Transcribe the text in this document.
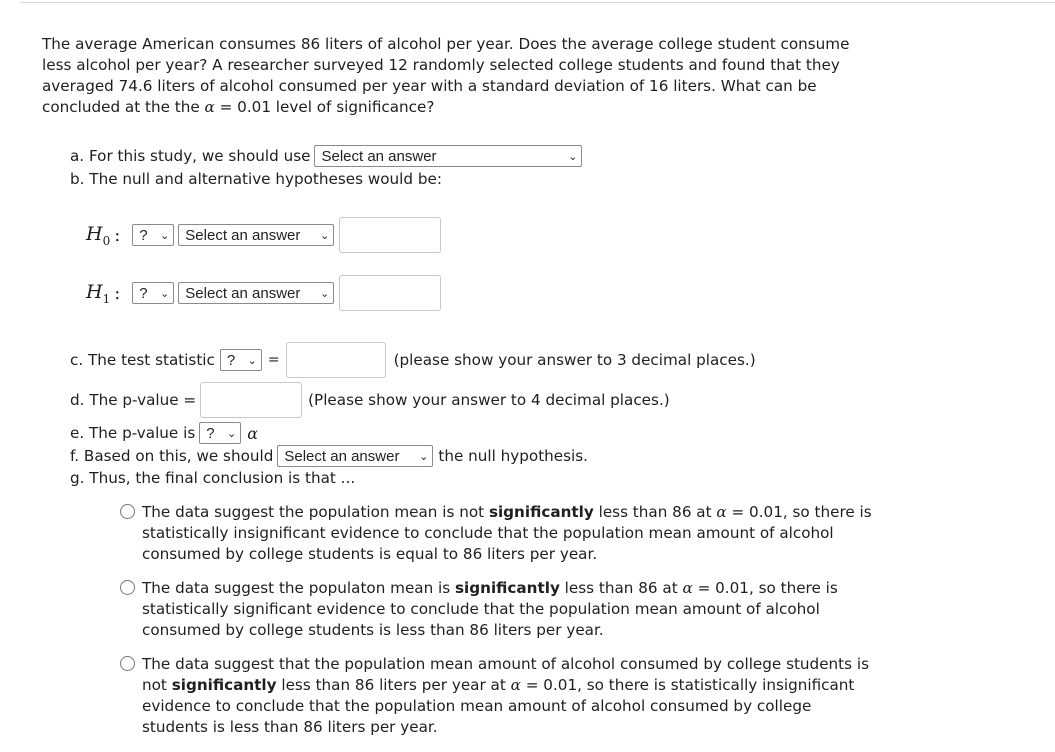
The average American consumes 86 liters of alcohol per year. Does the average college student consume
less alcohol per year? A researcher surveyed 12 randomly selected college students and found that they
averaged 74.6 liters of alcohol consumed per year with a standard deviation of 16 liters. What can be
concluded at the the α = 0.01 level of significance?
a. For this study, we should use Select an answer	⌄
b. The null and alternative hypotheses would be:
$H_0$ : ? ⌄ Select an answer ⌄
$H_1$ : ? ⌄ Select an answer ⌄
c. The test statistic ? ⌄ =	(please show your answer to 3 decimal places.)
d. The p-value =	(Please show your answer to 4 decimal places.)
e. The p-value is ? ⌄ α
f. Based on this, we should Select an answer ⌄ the null hypothesis.
g. Thus, the final conclusion is that ...
The data suggest the population mean is not significantly less than 86 at α = 0.01, so there is
statistically insignificant evidence to conclude that the population mean amount of alcohol
consumed by college students is equal to 86 liters per year.
The data suggest the populaton mean is significantly less than 86 at α = 0.01, so there is
statistically significant evidence to conclude that the population mean amount of alcohol
consumed by college students is less than 86 liters per year.
The data suggest that the population mean amount of alcohol consumed by college students is
not significantly less than 86 liters per year at α = 0.01, so there is statistically insignificant
evidence to conclude that the population mean amount of alcohol consumed by college
students is less than 86 liters per year.
